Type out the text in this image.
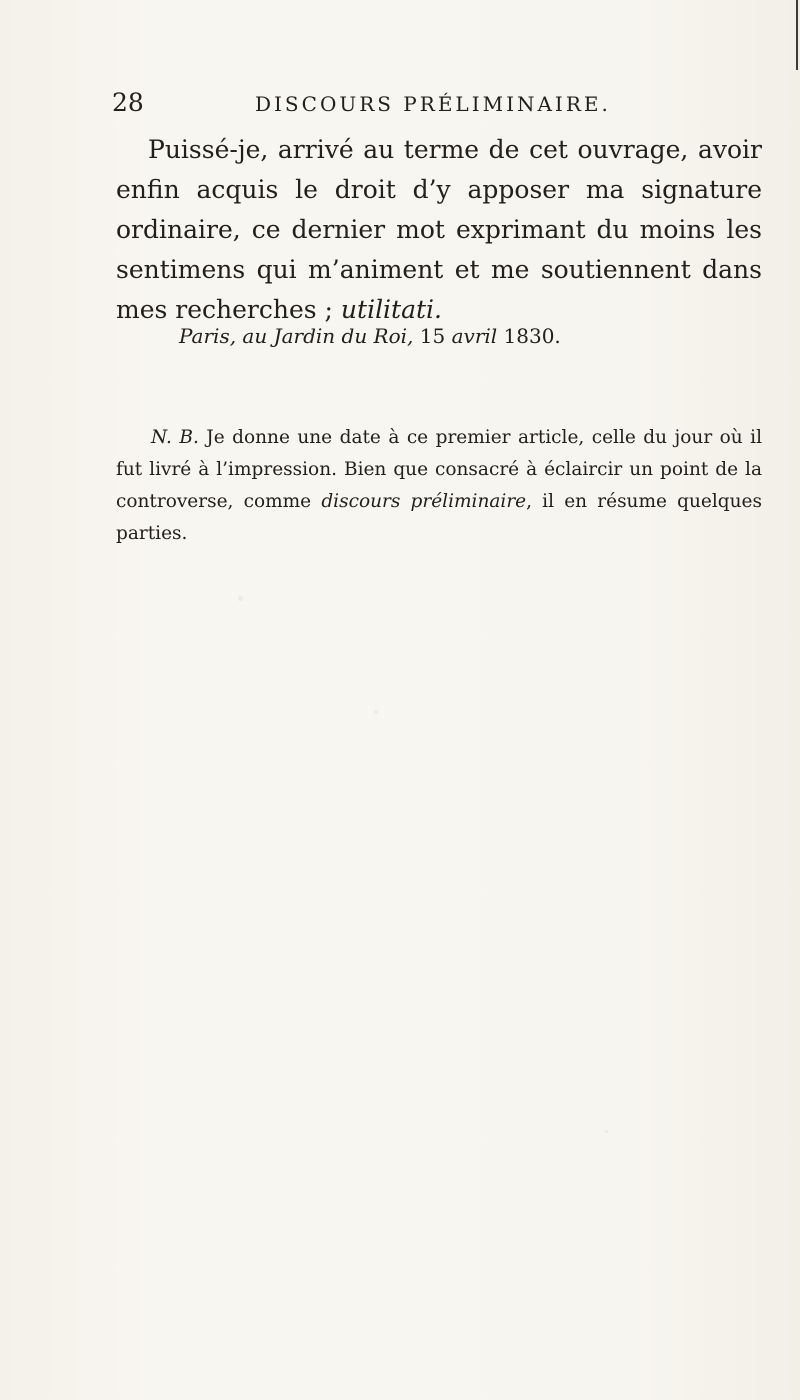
28	DISCOURS PRÉLIMINAIRE.

Puissé-je, arrivé au terme de cet ouvrage, avoir enfin acquis le droit d’y apposer ma signature ordinaire, ce dernier mot exprimant du moins les sentimens qui m’animent et me soutiennent dans mes recherches ; utilitati.

Paris, au Jardin du Roi, 15 avril 1830.

N. B. Je donne une date à ce premier article, celle du jour où il fut livré à l’impression. Bien que consacré à éclaircir un point de la controverse, comme discours préliminaire, il en résume quelques parties.
